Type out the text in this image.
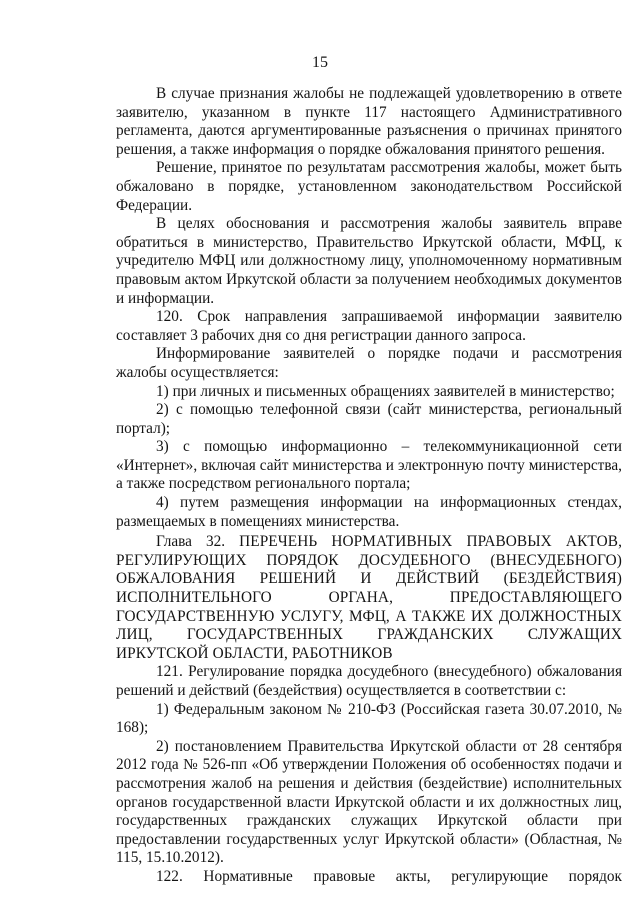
15

В случае признания жалобы не подлежащей удовлетворению в ответе заявителю, указанном в пункте 117 настоящего Административного регламента, даются аргументированные разъяснения о причинах принятого решения, а также информация о порядке обжалования принятого решения.

Решение, принятое по результатам рассмотрения жалобы, может быть обжаловано в порядке, установленном законодательством Российской Федерации.

В целях обоснования и рассмотрения жалобы заявитель вправе обратиться в министерство, Правительство Иркутской области, МФЦ, к учредителю МФЦ или должностному лицу, уполномоченному нормативным правовым актом Иркутской области за получением необходимых документов и информации.

120. Срок направления запрашиваемой информации заявителю составляет 3 рабочих дня со дня регистрации данного запроса.

Информирование заявителей о порядке подачи и рассмотрения жалобы осуществляется:

1) при личных и письменных обращениях заявителей в министерство;

2) с помощью телефонной связи (сайт министерства, региональный портал);

3) с помощью информационно – телекоммуникационной сети «Интернет», включая сайт министерства и электронную почту министерства, а также посредством регионального портала;

4) путем размещения информации на информационных стендах, размещаемых в помещениях министерства.

Глава 32. ПЕРЕЧЕНЬ НОРМАТИВНЫХ ПРАВОВЫХ АКТОВ, РЕГУЛИРУЮЩИХ ПОРЯДОК ДОСУДЕБНОГО (ВНЕСУДЕБНОГО) ОБЖАЛОВАНИЯ РЕШЕНИЙ И ДЕЙСТВИЙ (БЕЗДЕЙСТВИЯ) ИСПОЛНИТЕЛЬНОГО ОРГАНА, ПРЕДОСТАВЛЯЮЩЕГО ГОСУДАРСТВЕННУЮ УСЛУГУ, МФЦ, А ТАКЖЕ ИХ ДОЛЖНОСТНЫХ ЛИЦ, ГОСУДАРСТВЕННЫХ ГРАЖДАНСКИХ СЛУЖАЩИХ ИРКУТСКОЙ ОБЛАСТИ, РАБОТНИКОВ

121. Регулирование порядка досудебного (внесудебного) обжалования решений и действий (бездействия) осуществляется в соответствии с:

1) Федеральным законом № 210-ФЗ (Российская газета 30.07.2010, № 168);

2) постановлением Правительства Иркутской области от 28 сентября 2012 года № 526-пп «Об утверждении Положения об особенностях подачи и рассмотрения жалоб на решения и действия (бездействие) исполнительных органов государственной власти Иркутской области и их должностных лиц, государственных гражданских служащих Иркутской области при предоставлении государственных услуг Иркутской области» (Областная, № 115, 15.10.2012).

122. Нормативные правовые акты, регулирующие порядок
